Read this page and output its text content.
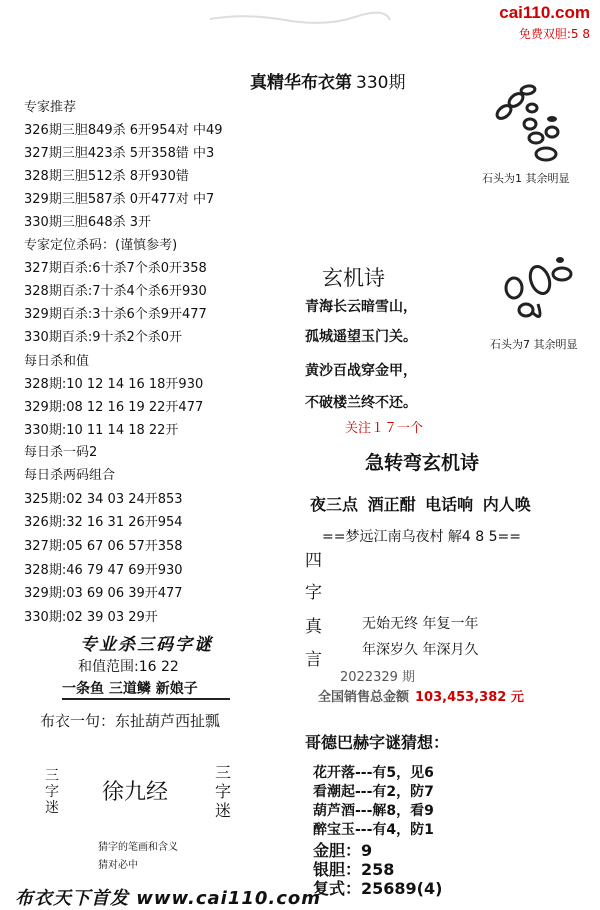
cai110.com
免费双胆:5 8
真精华布衣第 330期
专家推荐
326期三胆849杀 6开954对 中49
327期三胆423杀 5开358错 中3
328期三胆512杀 8开930错
329期三胆587杀 0开477对 中7
330期三胆648杀 3开
专家定位杀码：(谨慎参考)
327期百杀:6十杀7个杀0开358
328期百杀:7十杀4个杀6开930
329期百杀:3十杀6个杀9开477
330期百杀:9十杀2个杀0开
每日杀和值
328期:10 12 14 16 18开930
329期:08 12 16 19 22开477
330期:10 11 14 18 22开
每日杀一码2
每日杀两码组合
325期:02 34 03 24开853
326期:32 16 31 26开954
327期:05 67 06 57开358
328期:46 79 47 69开930
329期:03 69 06 39开477
330期:02 39 03 29开
专业杀三码字谜
和值范围:16 22
一条鱼 三道鳞 新娘子
布衣一句：东扯葫芦西扯瓢
三
字
迷
徐九经
三
字
迷
猜字的笔画和含义
猜对必中
石头为1 其余明显
石头为7 其余明显
玄机诗
青海长云暗雪山，
孤城遥望玉门关。
黄沙百战穿金甲，
不破楼兰终不还。
关注１７一个
急转弯玄机诗
夜三点 酒正酣 电话响 内人唤
==梦远江南乌夜村 解4 8 5==
四
字
真
言
无始无终 年复一年
年深岁久 年深月久
2022329 期
全国销售总金额 103,453,382 元
哥德巴赫字谜猜想：
花开落---有5，见6
看潮起---有2，防7
葫芦酒---解8，看9
醉宝玉---有4，防1
金胆：9
银胆：258
复式：25689(4)
布衣天下首发 www.cai110.com
